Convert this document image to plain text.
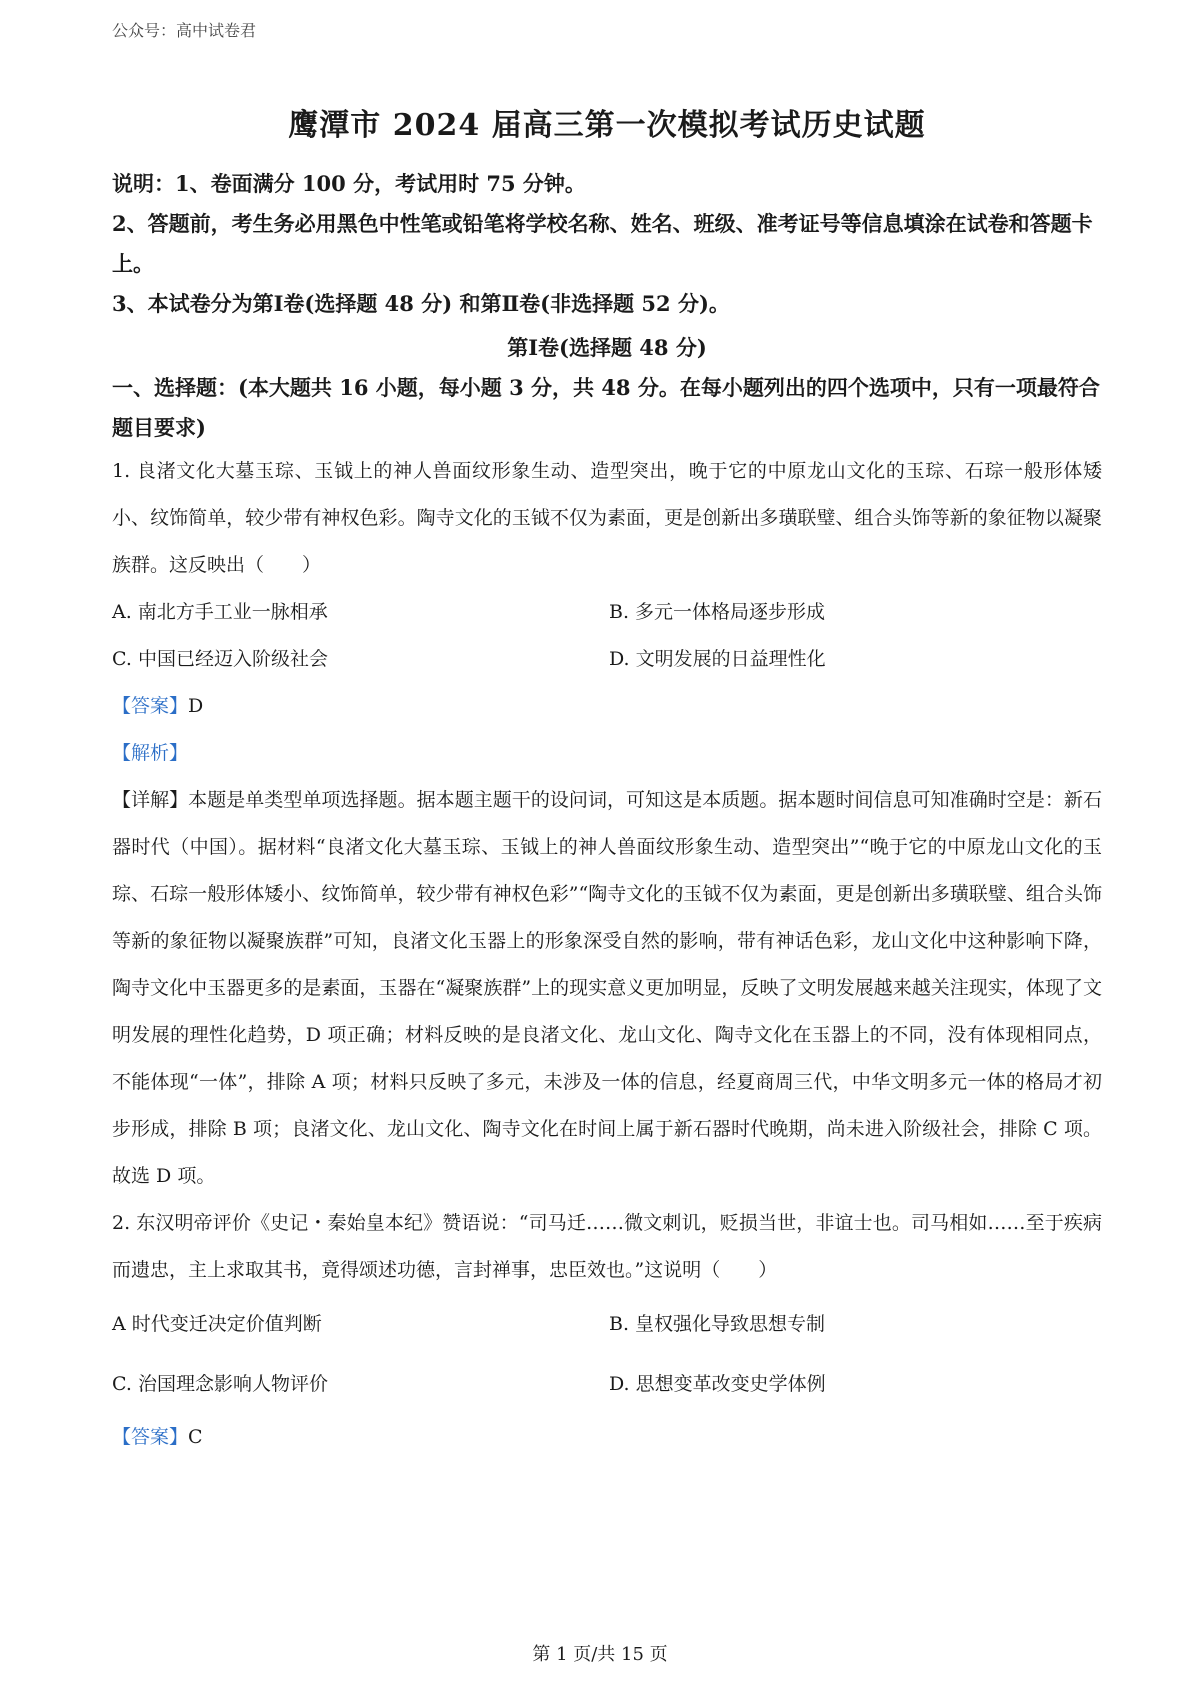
公众号：高中试卷君
鹰潭市 2024 届高三第一次模拟考试历史试题

说明：1、卷面满分 100 分，考试用时 75 分钟。

2、答题前，考生务必用黑色中性笔或铅笔将学校名称、姓名、班级、准考证号等信息填涂在试卷和答题卡上。

3、本试卷分为第Ⅰ卷(选择题 48 分) 和第Ⅱ卷(非选择题 52 分)。

第Ⅰ卷(选择题 48 分)

一、选择题：(本大题共 16 小题，每小题 3 分，共 48 分。在每小题列出的四个选项中，只有一项最符合题目要求)

1. 良渚文化大墓玉琮、玉钺上的神人兽面纹形象生动、造型突出，晚于它的中原龙山文化的玉琮、石琮一般形体矮小、纹饰简单，较少带有神权色彩。陶寺文化的玉钺不仅为素面，更是创新出多璜联璧、组合头饰等新的象征物以凝聚族群。这反映出（　　）

A. 南北方手工业一脉相承	B. 多元一体格局逐步形成
C. 中国已经迈入阶级社会	D. 文明发展的日益理性化

【答案】D

【解析】

【详解】本题是单类型单项选择题。据本题主题干的设问词，可知这是本质题。据本题时间信息可知准确时空是：新石器时代（中国）。据材料“良渚文化大墓玉琮、玉钺上的神人兽面纹形象生动、造型突出”“晚于它的中原龙山文化的玉琮、石琮一般形体矮小、纹饰简单，较少带有神权色彩”“陶寺文化的玉钺不仅为素面，更是创新出多璜联璧、组合头饰等新的象征物以凝聚族群”可知，良渚文化玉器上的形象深受自然的影响，带有神话色彩，龙山文化中这种影响下降，陶寺文化中玉器更多的是素面，玉器在“凝聚族群”上的现实意义更加明显，反映了文明发展越来越关注现实，体现了文明发展的理性化趋势，D 项正确；材料反映的是良渚文化、龙山文化、陶寺文化在玉器上的不同，没有体现相同点，不能体现“一体”，排除 A 项；材料只反映了多元，未涉及一体的信息，经夏商周三代，中华文明多元一体的格局才初步形成，排除 B 项；良渚文化、龙山文化、陶寺文化在时间上属于新石器时代晚期，尚未进入阶级社会，排除 C 项。故选 D 项。

2. 东汉明帝评价《史记・秦始皇本纪》赞语说：“司马迁……微文刺讥，贬损当世，非谊士也。司马相如……至于疾病而遗忠，主上求取其书，竟得颂述功德，言封禅事，忠臣效也。”这说明（　　）

A 时代变迁决定价值判断	B. 皇权强化导致思想专制
C. 治国理念影响人物评价	D. 思想变革改变史学体例

【答案】C

第 1 页/共 15 页
